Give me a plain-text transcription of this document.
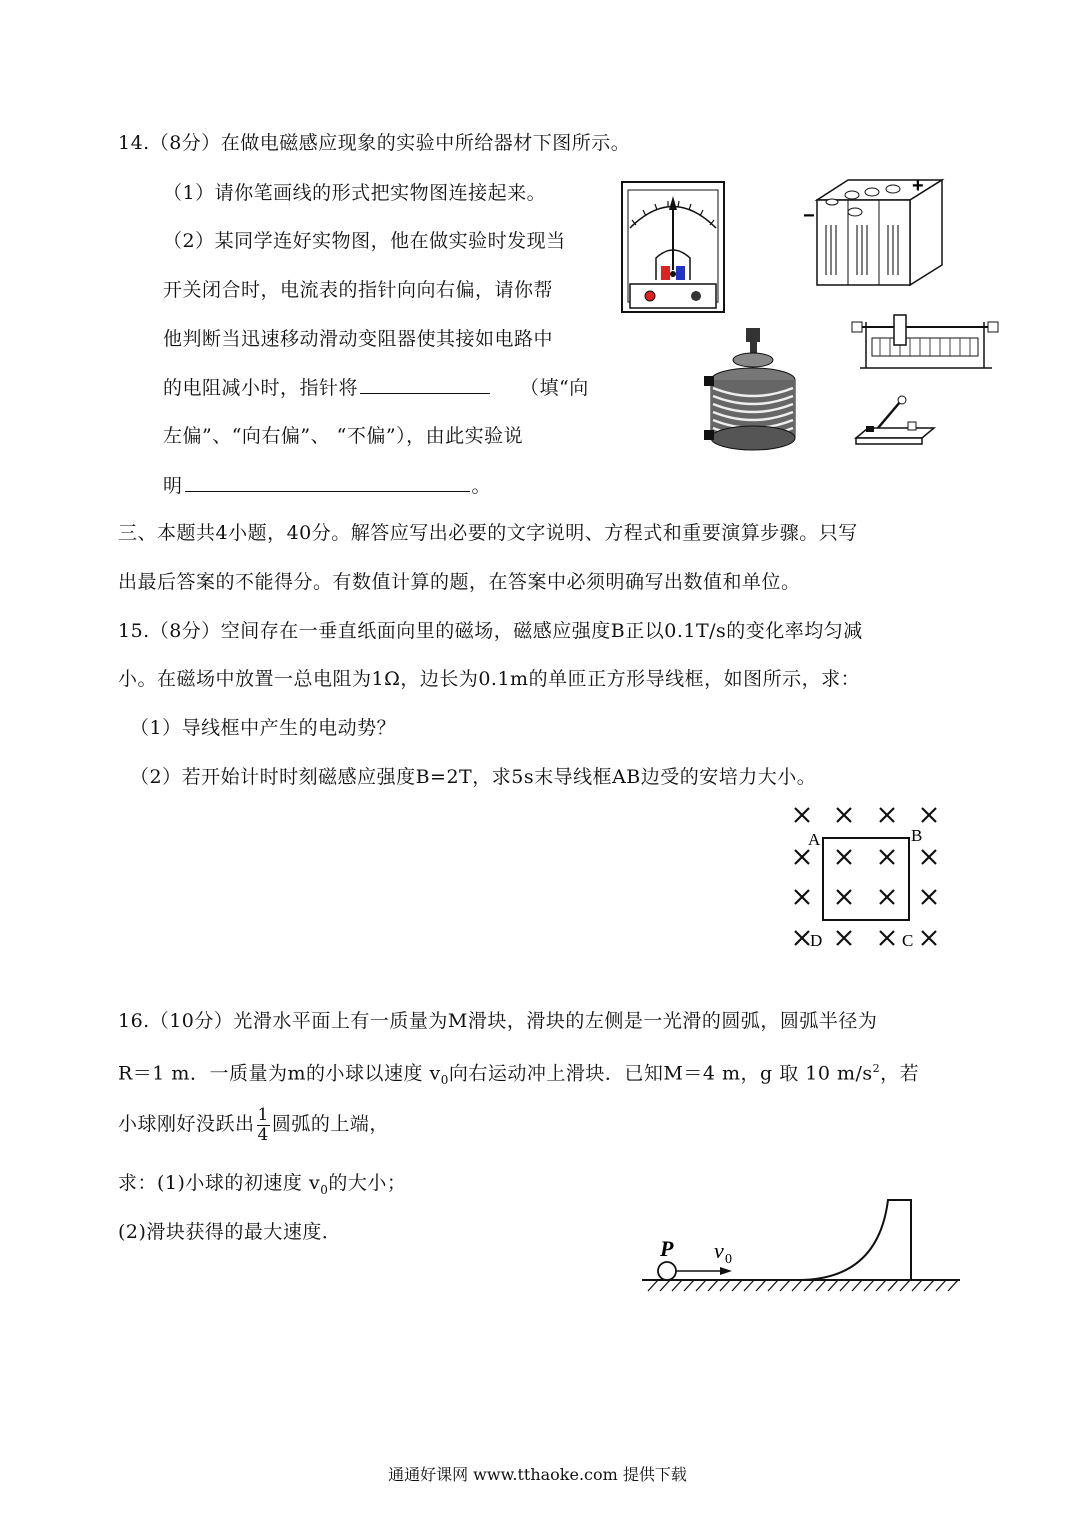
14.（8分）在做电磁感应现象的实验中所给器材下图所示。
（1）请你笔画线的形式把实物图连接起来。
（2）某同学连好实物图，他在做实验时发现当
开关闭合时，电流表的指针向向右偏，请你帮
他判断当迅速移动滑动变阻器使其接如电路中
的电阻减小时，指针将	（填“向
左偏”、“向右偏”、 “不偏”），由此实验说
明	。
+
−
三、本题共4小题，40分。解答应写出必要的文字说明、方程式和重要演算步骤。只写
出最后答案的不能得分。有数值计算的题，在答案中必须明确写出数值和单位。
15.（8分）空间存在一垂直纸面向里的磁场，磁感应强度B正以0.1T/s的变化率均匀减
小。在磁场中放置一总电阻为1Ω，边长为0.1m的单匝正方形导线框，如图所示，求：
（1）导线框中产生的电动势？
（2）若开始计时时刻磁感应强度B=2T，求5s末导线框AB边受的安培力大小。
A	B
C
D
16.（10分）光滑水平面上有一质量为M滑块，滑块的左侧是一光滑的圆弧，圆弧半径为
R＝1 m．一质量为m的小球以速度 $v_0$向右运动冲上滑块．已知M＝4 m，g 取 10 $m/s^2$，若
小球刚好没跃出 $\frac{1}{4}$ 圆弧的上端，
求：(1)小球的初速度 $v_0$的大小；
(2)滑块获得的最大速度．
P v 0
通通好课网 www.tthaoke.com 提供下载
